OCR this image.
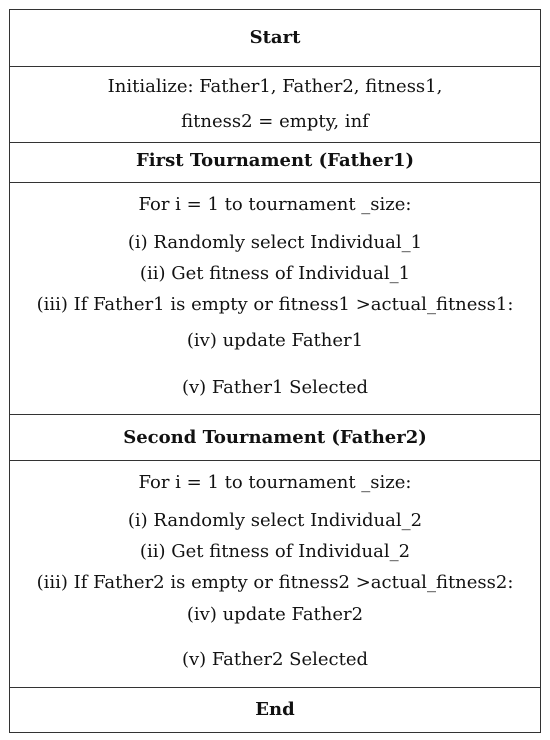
Start
Initialize: Father1, Father2, fitness1,
fitness2 = empty, inf
First Tournament (Father1)
For i = 1 to tournament _size:
(i) Randomly select Individual_1
(ii) Get fitness of Individual_1
(iii) If Father1 is empty or fitness1 >actual_fitness1:
(iv) update Father1
(v) Father1 Selected
Second Tournament (Father2)
For i = 1 to tournament _size:
(i) Randomly select Individual_2
(ii) Get fitness of Individual_2
(iii) If Father2 is empty or fitness2 >actual_fitness2:
(iv) update Father2
(v) Father2 Selected
End
